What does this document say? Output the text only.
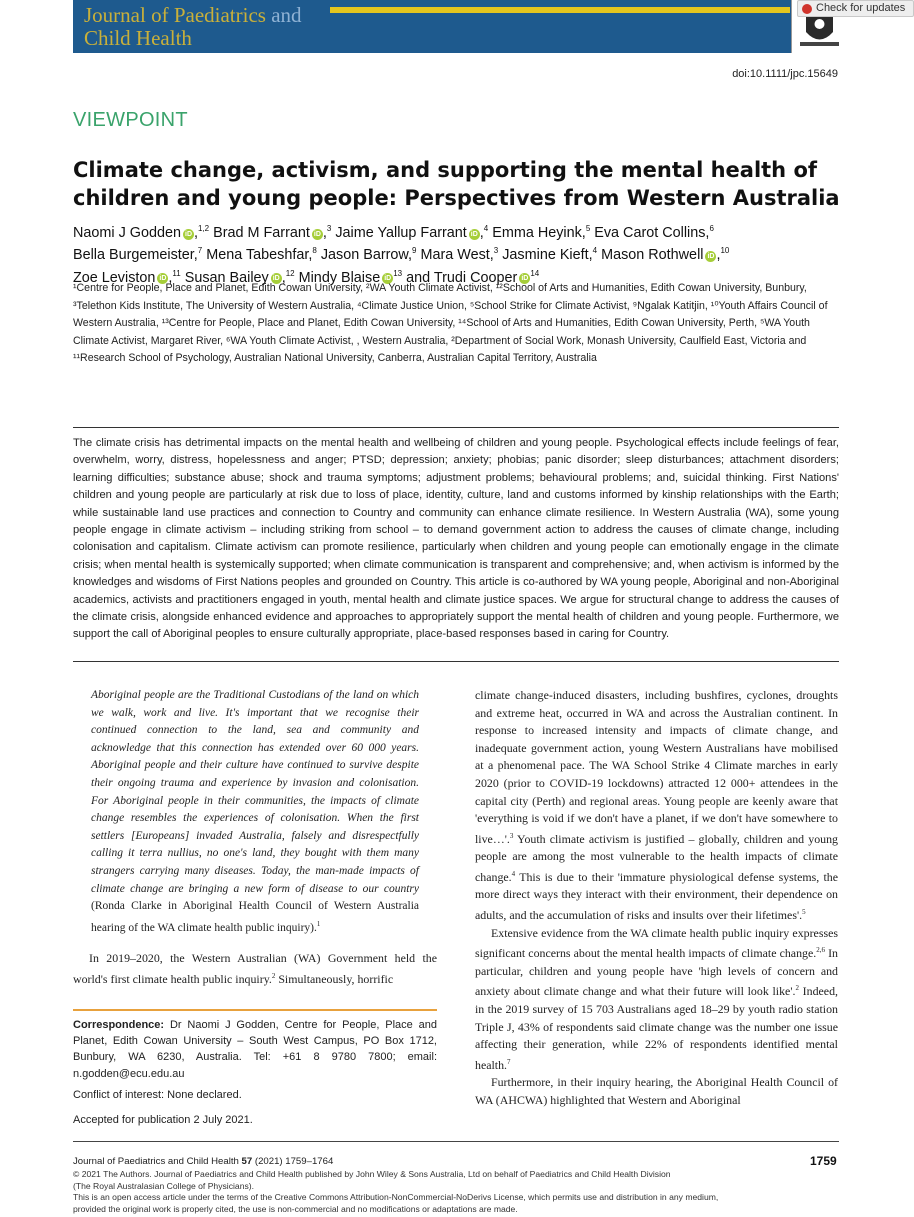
Journal of Paediatrics and
Child Health
Check for updates
doi:10.1111/jpc.15649
VIEWPOINT
Climate change, activism, and supporting the mental health of children and young people: Perspectives from Western Australia
Naomi J Godden iD ,$^{1,2}$ Brad M Farrant iD ,$^3$ Jaime Yallup Farrant iD ,$^4$ Emma Heyink,$^5$ Eva Carot Collins,$^6$
Bella Burgemeister,$^7$ Mena Tabeshfar,$^8$ Jason Barrow,$^9$ Mara West,$^3$ Jasmine Kieft,$^4$ Mason Rothwell iD ,$^{10}$
Zoe Leviston iD ,$^{11}$ Susan Bailey iD ,$^{12}$ Mindy Blaise $iD^{13}$ and Trudi Cooper $iD^{14}$
¹Centre for People, Place and Planet, Edith Cowan University, ²WA Youth Climate Activist, ¹²School of Arts and Humanities, Edith Cowan University, Bunbury, ³Telethon Kids Institute, The University of Western Australia, ⁴Climate Justice Union, ⁵School Strike for Climate Activist, ⁹Ngalak Katitjin, ¹⁰Youth Affairs Council of Western Australia, ¹³Centre for People, Place and Planet, Edith Cowan University, ¹⁴School of Arts and Humanities, Edith Cowan University, Perth, ⁵WA Youth Climate Activist, Margaret River, ⁶WA Youth Climate Activist, , Western Australia, ²Department of Social Work, Monash University, Caulfield East, Victoria and ¹¹Research School of Psychology, Australian National University, Canberra, Australian Capital Territory, Australia
The climate crisis has detrimental impacts on the mental health and wellbeing of children and young people. Psychological effects include feelings of fear, overwhelm, worry, distress, hopelessness and anger; PTSD; depression; anxiety; phobias; panic disorder; sleep disturbances; attachment disorders; learning difficulties; substance abuse; shock and trauma symptoms; adjustment problems; behavioural problems; and, suicidal thinking. First Nations' children and young people are particularly at risk due to loss of place, identity, culture, land and customs informed by kinship relationships with the Earth; while sustainable land use practices and connection to Country and community can enhance climate resilience. In Western Australia (WA), some young people engage in climate activism – including striking from school – to demand government action to address the causes of climate change, including colonisation and capitalism. Climate activism can promote resilience, particularly when children and young people can emotionally engage in the climate crisis; when mental health is systemically supported; when climate communication is transparent and comprehensive; and, when activism is informed by the knowledges and wisdoms of First Nations peoples and grounded on Country. This article is co-authored by WA young people, Aboriginal and non-Aboriginal academics, activists and practitioners engaged in youth, mental health and climate justice spaces. We argue for structural change to address the causes of the climate crisis, alongside enhanced evidence and approaches to appropriately support the mental health of children and young people. Furthermore, we support the call of Aboriginal peoples to ensure culturally appropriate, place-based responses based in caring for Country.
Aboriginal people are the Traditional Custodians of the land on which we walk, work and live. It's important that we recognise their continued connection to the land, sea and community and acknowledge that this connection has extended over 60 000 years. Aboriginal people and their culture have continued to survive despite their ongoing trauma and experience by invasion and colonisation. For Aboriginal people in their communities, the impacts of climate change resembles the experiences of colonisation. When the first settlers [Europeans] invaded Australia, falsely and disrespectfully calling it terra nullius, no one's land, they bought with them many strangers carrying many diseases. Today, the man-made impacts of climate change are bringing a new form of disease to our country (Ronda Clarke in Aboriginal Health Council of Western Australia hearing of the WA climate health public inquiry).$^1$
In 2019–2020, the Western Australian (WA) Government held the world's first climate health public inquiry.$^2$ Simultaneously, horrific
Correspondence: Dr Naomi J Godden, Centre for People, Place and Planet, Edith Cowan University – South West Campus, PO Box 1712, Bunbury, WA 6230, Australia. Tel: +61 8 9780 7800; email: n.godden@ecu.edu.au
Conflict of interest: None declared.
Accepted for publication 2 July 2021.

climate change-induced disasters, including bushfires, cyclones, droughts and extreme heat, occurred in WA and across the Australian continent. In response to increased intensity and impacts of climate change, and inadequate government action, young Western Australians have mobilised at a phenomenal pace. The WA School Strike 4 Climate marches in early 2020 (prior to COVID-19 lockdowns) attracted 12 000+ attendees in the capital city (Perth) and regional areas. Young people are keenly aware that 'everything is void if we don't have a planet, if we don't have somewhere to live…'.$^3$ Youth climate activism is justified – globally, children and young people are among the most vulnerable to the health impacts of climate change.$^4$ This is due to their 'immature physiological defense systems, the more direct ways they interact with their environment, their dependence on adults, and the accumulation of risks and insults over their lifetimes'.$^5$

Extensive evidence from the WA climate health public inquiry expresses significant concerns about the mental health impacts of climate change.$^{2,6}$ In particular, children and young people have 'high levels of concern and anxiety about climate change and what their future will look like'.$^2$ Indeed, in the 2019 survey of 15 703 Australians aged 18–29 by youth radio station Triple J, 43% of respondents said climate change was the number one issue affecting their generation, while 22% of respondents identified mental health.$^7$

Furthermore, in their inquiry hearing, the Aboriginal Health Council of WA (AHCWA) highlighted that Western and Aboriginal

Journal of Paediatrics and Child Health 57 (2021) 1759–1764	1759
© 2021 The Authors. Journal of Paediatrics and Child Health published by John Wiley & Sons Australia, Ltd on behalf of Paediatrics and Child Health Division
(The Royal Australasian College of Physicians).
This is an open access article under the terms of the Creative Commons Attribution-NonCommercial-NoDerivs License, which permits use and distribution in any medium,
provided the original work is properly cited, the use is non-commercial and no modifications or adaptations are made.
